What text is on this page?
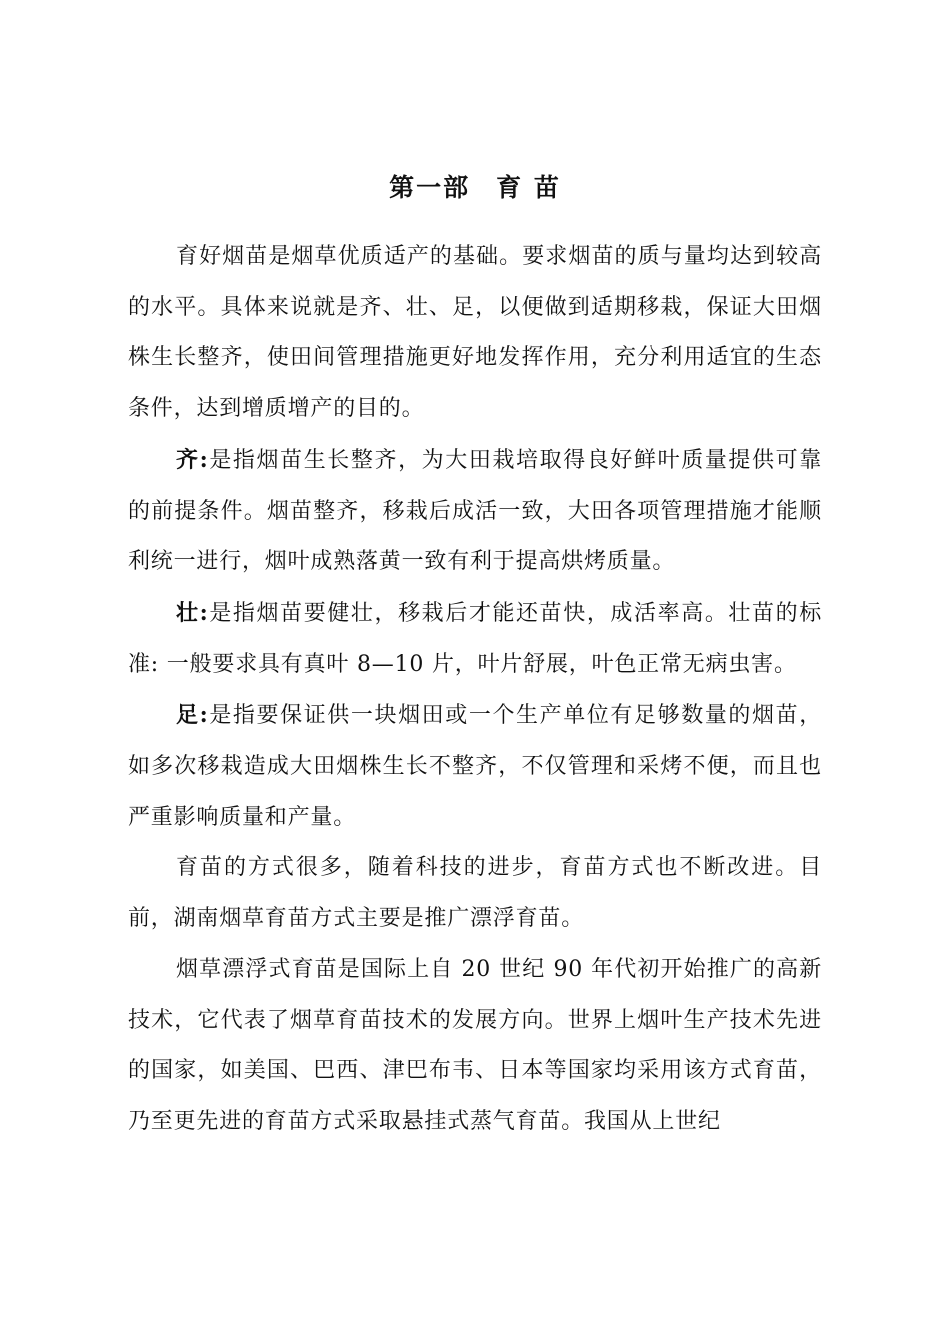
第一部 育 苗

育好烟苗是烟草优质适产的基础。要求烟苗的质与量均达到较高的水平。具体来说就是齐、壮、足，以便做到适期移栽，保证大田烟株生长整齐，使田间管理措施更好地发挥作用，充分利用适宜的生态条件，达到增质增产的目的。

齐:是指烟苗生长整齐，为大田栽培取得良好鲜叶质量提供可靠的前提条件。烟苗整齐，移栽后成活一致，大田各项管理措施才能顺利统一进行，烟叶成熟落黄一致有利于提高烘烤质量。

壮:是指烟苗要健壮，移栽后才能还苗快，成活率高。壮苗的标准: 一般要求具有真叶 8—10 片，叶片舒展，叶色正常无病虫害。

足:是指要保证供一块烟田或一个生产单位有足够数量的烟苗，如多次移栽造成大田烟株生长不整齐，不仅管理和采烤不便，而且也严重影响质量和产量。

育苗的方式很多，随着科技的进步，育苗方式也不断改进。目前，湖南烟草育苗方式主要是推广漂浮育苗。

烟草漂浮式育苗是国际上自 20 世纪 90 年代初开始推广的高新技术，它代表了烟草育苗技术的发展方向。世界上烟叶生产技术先进的国家，如美国、巴西、津巴布韦、日本等国家均采用该方式育苗，乃至更先进的育苗方式采取悬挂式蒸气育苗。我国从上世纪
